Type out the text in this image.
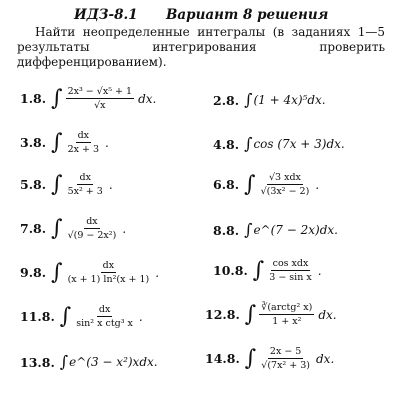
ИДЗ-8.1 Вариант 8 решения
Найти неопределенные интегралы (в заданиях 1—5 результаты интегрирования проверить дифференцированием).
1.8. ∫ $\frac{\text{2x³ − √x⁵ + 1}}{√x}$ dx.
3.8. ∫ $\frac{dx}{2x + 3}$ .
5.8. ∫ $\frac{dx}{\text{5x² + 3}}$ .
7.8. ∫ $\frac{dx}{\text{√(9 − 2x²)}}$ .
9.8. ∫ $\frac{dx}{\text{(x + 1) ln²(x + 1)}}$ .
11.8. ∫ $\frac{dx}{\text{sin² x ctg³ x}}$ .
13.8. ∫ e^(3 − x²)xdx.
2.8. ∫ (1 + 4x)⁵dx.
4.8. ∫ cos (7x + 3)dx.
6.8. ∫ $\frac{\text{√3 xdx}}{\text{√(3x² − 2)}}$ .
8.8. ∫ e^(7 − 2x)dx.
10.8. ∫ $\frac{\text{cos xdx}}{\text{3 − sin x}}$ .
12.8. ∫ $\frac{\text{∛(arctg² x)}}{\text{1 + x²}}$ dx.
14.8. ∫ $\frac{2x - 5}{\text{√(7x² + 3)}}$ dx.
